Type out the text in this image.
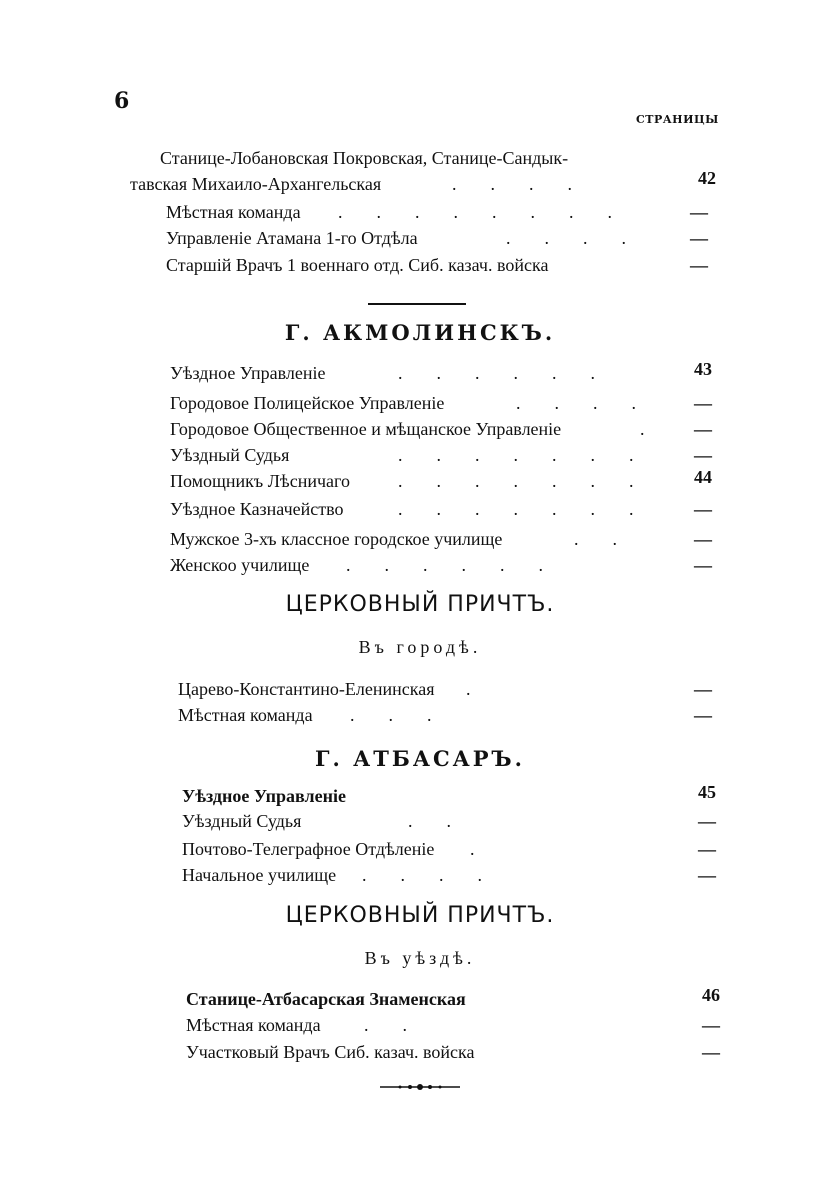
6
СТРАНИЦЫ
Станице-Лобановская Покровская, Станице-Сандык-
тавская Михаило-Архангельская	....	42
Мѣстная команда ........	—
Управленіе Атамана 1-го Отдѣла	....	—
Старшій Врачъ 1 военнаго отд. Сиб. казач. войска	—
Г. АКМОЛИНСКЪ.
Уѣздное Управленіе	......	43
Городовое Полицейское Управленіе	....	—
Городовое Общественное и мѣщанское Управленіе	. —
Уѣздный Судья	.......	—
Помощникъ Лѣсничаго	.......	44
Уѣздное Казначейство	.......	—
Мужское 3-хъ классное городское училище	..	—
Женскоо училище ......	—
ЦЕРКОВНЫЙ ПРИЧТЪ.
Въ городѣ.
Царево-Константино-Еленинская .	—
Мѣстная команда ...	—
Г. АТБАСАРЪ.
Уѣздное Управленіе	45
Уѣздный Судья	..	—
Почтово-Телеграфное Отдѣленіе .	—
Начальное училище ....	—
ЦЕРКОВНЫЙ ПРИЧТЪ.
Въ уѣздѣ.
Станице-Атбасарская Знаменская	46
Мѣстная команда ..	—
Участковый Врачъ Сиб. казач. войска	—
